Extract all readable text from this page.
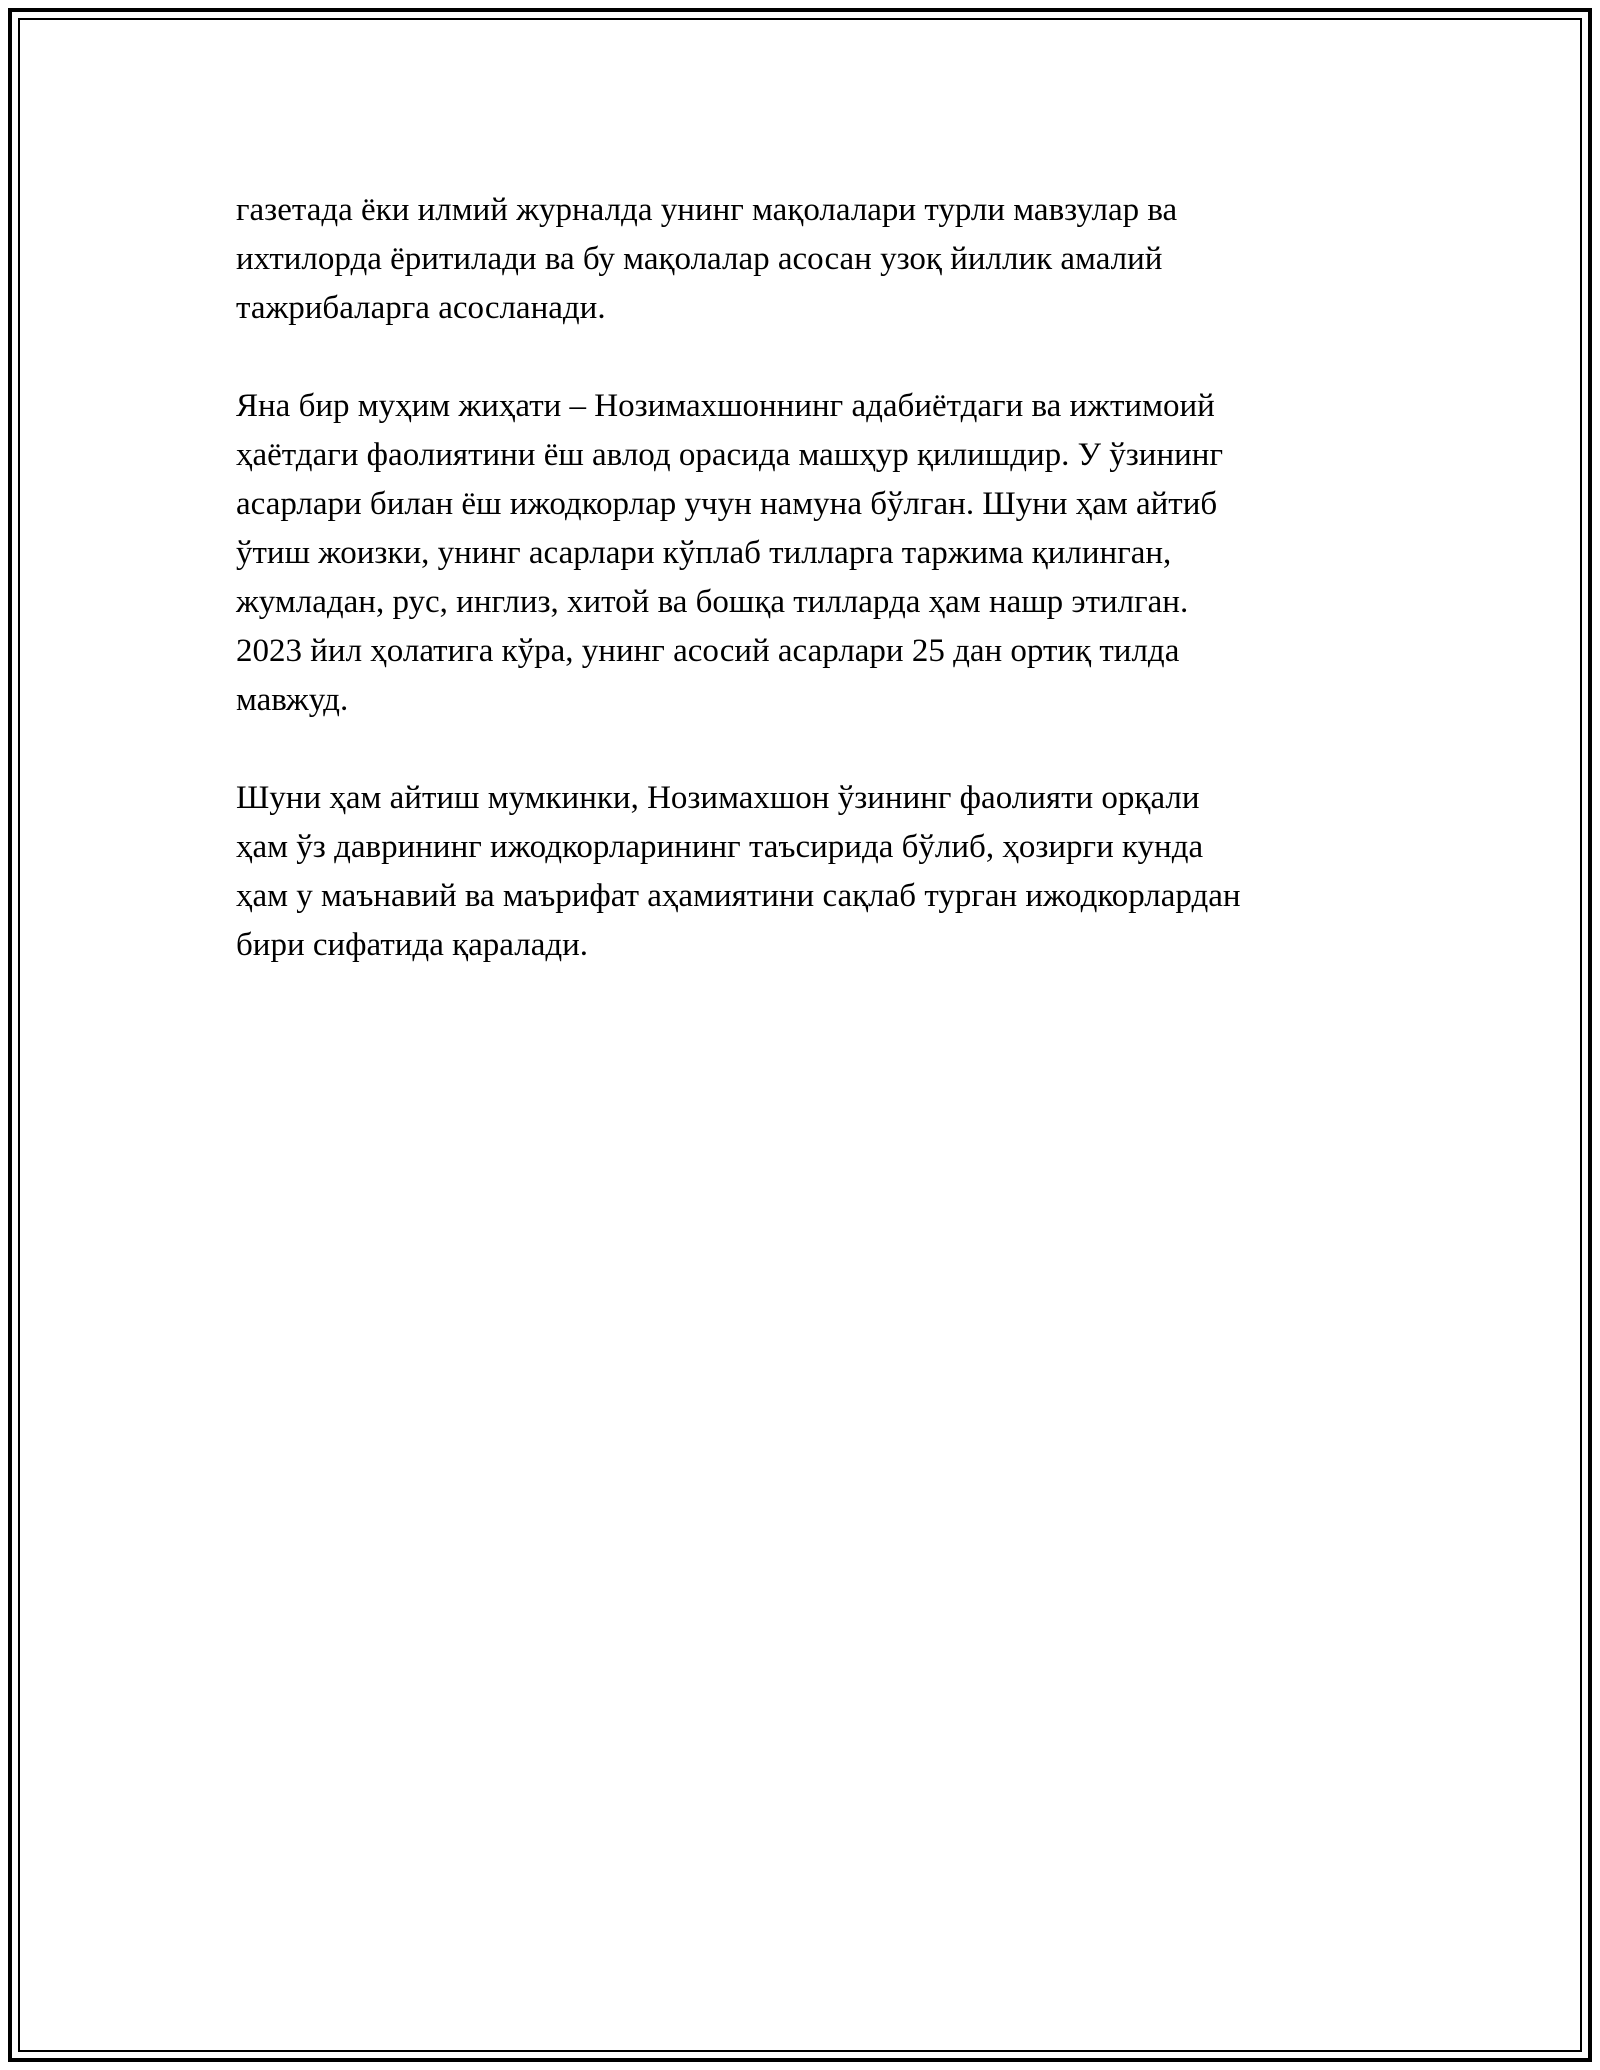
газетада ёки илмий журналда унинг мақолалари турли мавзулар ва
ихтилорда ёритилади ва бу мақолалар асосан узоқ йиллик амалий
тажрибаларга асосланади.

Яна бир муҳим жиҳати – Нозимахшоннинг адабиётдаги ва ижтимоий
ҳаётдаги фаолиятини ёш авлод орасида машҳур қилишдир. У ўзининг
асарлари билан ёш ижодкорлар учун намуна бўлган. Шуни ҳам айтиб
ўтиш жоизки, унинг асарлари кўплаб тилларга таржима қилинган,
жумладан, рус, инглиз, хитой ва бошқа тилларда ҳам нашр этилган.
2023 йил ҳолатига кўра, унинг асосий асарлари 25 дан ортиқ тилда
мавжуд.

Шуни ҳам айтиш мумкинки, Нозимахшон ўзининг фаолияти орқали
ҳам ўз даврининг ижодкорларининг таъсирида бўлиб, ҳозирги кунда
ҳам у маънавий ва маърифат аҳамиятини сақлаб турган ижодкорлардан
бири сифатида қаралади.
